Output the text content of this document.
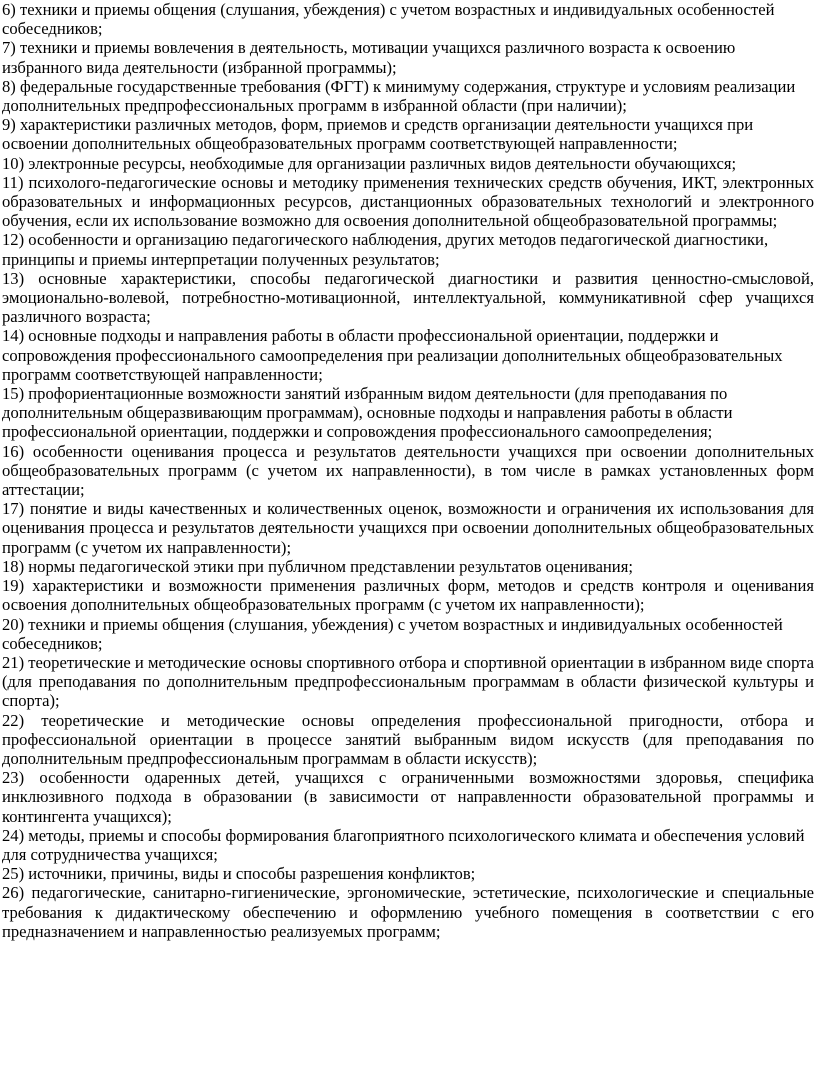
6) техники и приемы общения (слушания, убеждения) с учетом возрастных и индивидуальных особенностей собеседников;

7) техники и приемы вовлечения в деятельность, мотивации учащихся различного возраста к освоению избранного вида деятельности (избранной программы);

8) федеральные государственные требования (ФГТ) к минимуму содержания, структуре и условиям реализации дополнительных предпрофессиональных программ в избранной области (при наличии);

9) характеристики различных методов, форм, приемов и средств организации деятельности учащихся при освоении дополнительных общеобразовательных программ соответствующей направленности;

10) электронные ресурсы, необходимые для организации различных видов деятельности обучающихся;

11) психолого-педагогические основы и методику применения технических средств обучения, ИКТ, электронных образовательных и информационных ресурсов, дистанционных образовательных технологий и электронного обучения, если их использование возможно для освоения дополнительной общеобразовательной программы;

12) особенности и организацию педагогического наблюдения, других методов педагогической диагностики, принципы и приемы интерпретации полученных результатов;

13) основные характеристики, способы педагогической диагностики и развития ценностно-смысловой, эмоционально-волевой, потребностно-мотивационной, интеллектуальной, коммуникативной сфер учащихся различного возраста;

14) основные подходы и направления работы в области профессиональной ориентации, поддержки и сопровождения профессионального самоопределения при реализации дополнительных общеобразовательных программ соответствующей направленности;

15) профориентационные возможности занятий избранным видом деятельности (для преподавания по дополнительным общеразвивающим программам), основные подходы и направления работы в области профессиональной ориентации, поддержки и сопровождения профессионального самоопределения;

16) особенности оценивания процесса и результатов деятельности учащихся при освоении дополнительных общеобразовательных программ (с учетом их направленности), в том числе в рамках установленных форм аттестации;

17) понятие и виды качественных и количественных оценок, возможности и ограничения их использования для оценивания процесса и результатов деятельности учащихся при освоении дополнительных общеобразовательных программ (с учетом их направленности);

18) нормы педагогической этики при публичном представлении результатов оценивания;

19) характеристики и возможности применения различных форм, методов и средств контроля и оценивания освоения дополнительных общеобразовательных программ (с учетом их направленности);

20) техники и приемы общения (слушания, убеждения) с учетом возрастных и индивидуальных особенностей собеседников;

21) теоретические и методические основы спортивного отбора и спортивной ориентации в избранном виде спорта (для преподавания по дополнительным предпрофессиональным программам в области физической культуры и спорта);

22) теоретические и методические основы определения профессиональной пригодности, отбора и профессиональной ориентации в процессе занятий выбранным видом искусств (для преподавания по дополнительным предпрофессиональным программам в области искусств);

23) особенности одаренных детей, учащихся с ограниченными возможностями здоровья, специфика инклюзивного подхода в образовании (в зависимости от направленности образовательной программы и контингента учащихся);

24) методы, приемы и способы формирования благоприятного психологического климата и обеспечения условий для сотрудничества учащихся;

25) источники, причины, виды и способы разрешения конфликтов;

26) педагогические, санитарно-гигиенические, эргономические, эстетические, психологические и специальные требования к дидактическому обеспечению и оформлению учебного помещения в соответствии с его предназначением и направленностью реализуемых программ;
